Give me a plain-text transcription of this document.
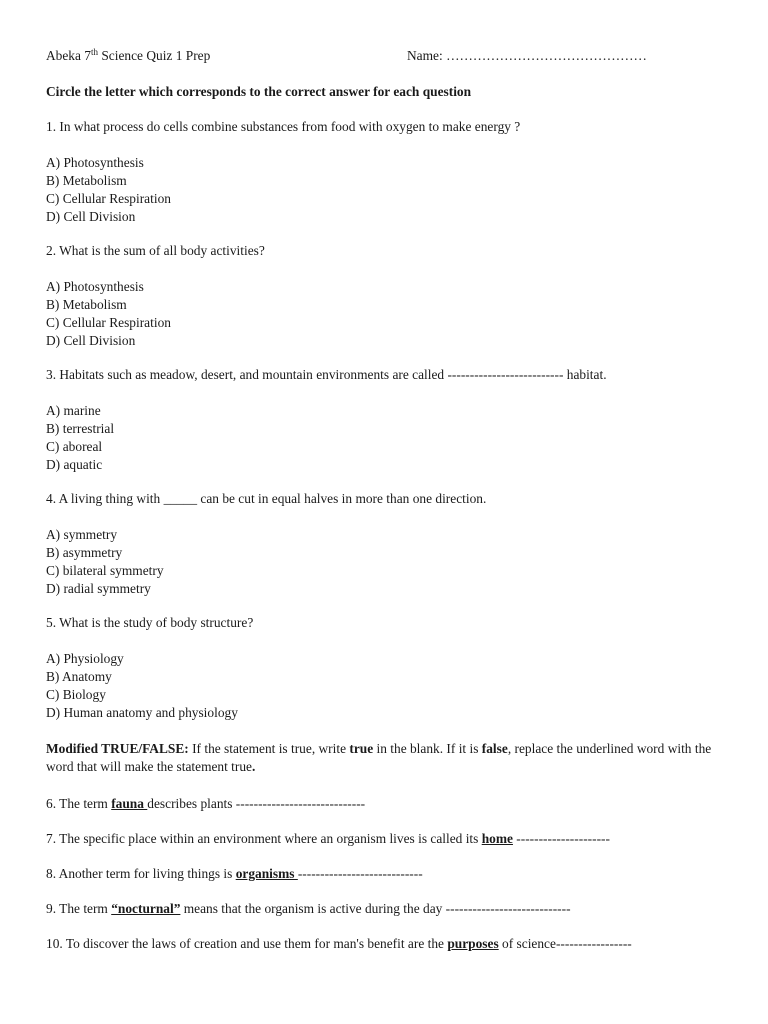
Abeka 7th Science Quiz 1 Prep	Name: ………………………………………
Circle the letter which corresponds to the correct answer for each question
1. In what process do cells combine substances from food with oxygen to make energy ?
A) Photosynthesis
B) Metabolism
C) Cellular Respiration
D) Cell Division
2. What is the sum of all body activities?
A) Photosynthesis
B) Metabolism
C) Cellular Respiration
D) Cell Division
3. Habitats such as meadow, desert, and mountain environments are called -------------------------- habitat.
A) marine
B) terrestrial
C) aboreal
D) aquatic
4. A living thing with _____ can be cut in equal halves in more than one direction.
A) symmetry
B) asymmetry
C) bilateral symmetry
D) radial symmetry
5. What is the study of body structure?
A) Physiology
B) Anatomy
C) Biology
D) Human anatomy and physiology
Modified TRUE/FALSE: If the statement is true, write true in the blank. If it is false, replace the underlined word with the word that will make the statement true.
6. The term fauna describes plants -----------------------------
7. The specific place within an environment where an organism lives is called its home ---------------------
8. Another term for living things is organisms ----------------------------
9. The term “nocturnal” means that the organism is active during the day ----------------------------
10. To discover the laws of creation and use them for man's benefit are the purposes of science-----------------
